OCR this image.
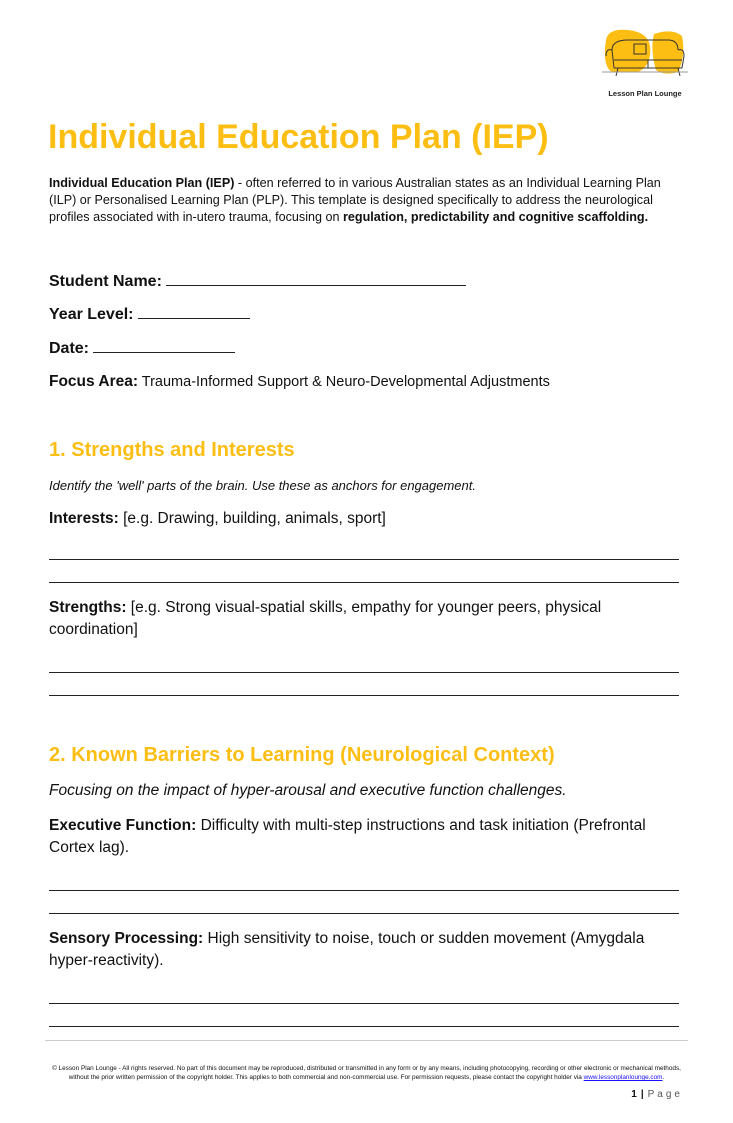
Lesson Plan Lounge
Individual Education Plan (IEP)
Individual Education Plan (IEP) - often referred to in various Australian states as an Individual Learning Plan (ILP) or Personalised Learning Plan (PLP). This template is designed specifically to address the neurological profiles associated with in-utero trauma, focusing on regulation, predictability and cognitive scaffolding.
Student Name:
Year Level:
Date:
Focus Area: Trauma-Informed Support & Neuro-Developmental Adjustments
1. Strengths and Interests
Identify the 'well' parts of the brain. Use these as anchors for engagement.
Interests: [e.g. Drawing, building, animals, sport]
Strengths: [e.g. Strong visual-spatial skills, empathy for younger peers, physical coordination]
2. Known Barriers to Learning (Neurological Context)
Focusing on the impact of hyper-arousal and executive function challenges.
Executive Function: Difficulty with multi-step instructions and task initiation (Prefrontal Cortex lag).
Sensory Processing: High sensitivity to noise, touch or sudden movement (Amygdala hyper-reactivity).
© Lesson Plan Lounge - All rights reserved. No part of this document may be reproduced, distributed or transmitted in any form or by any means, including photocopying, recording or other electronic or mechanical methods, without the prior written permission of the copyright holder. This applies to both commercial and non-commercial use. For permission requests, please contact the copyright holder via www.lessonplanlounge.com.
1 | Page
